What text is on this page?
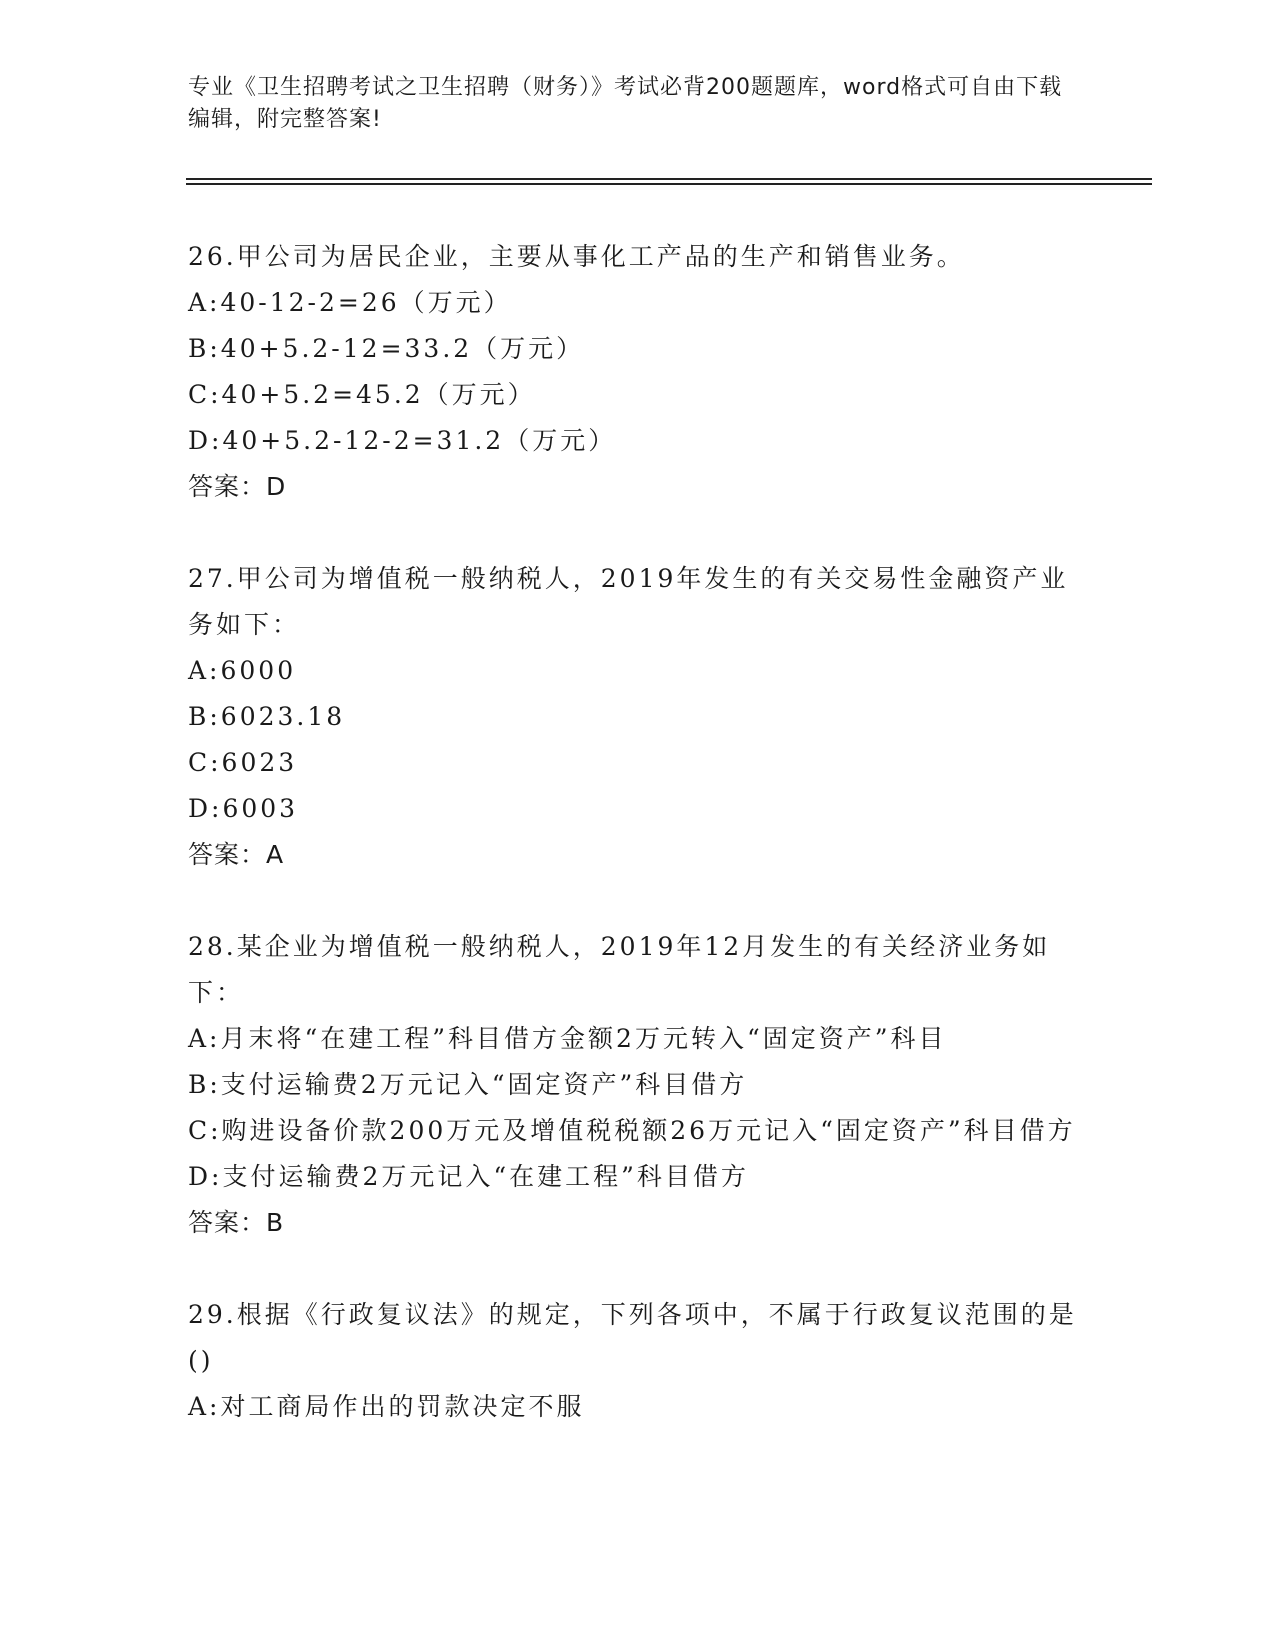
专业《卫生招聘考试之卫生招聘（财务）》考试必背200题题库，word格式可自由下载编辑，附完整答案!
26.甲公司为居民企业，主要从事化工产品的生产和销售业务。
A:40-12-2=26（万元）
B:40+5.2-12=33.2（万元）
C:40+5.2=45.2（万元）
D:40+5.2-12-2=31.2（万元）
答案：D
27.甲公司为增值税一般纳税人，2019年发生的有关交易性金融资产业务如下：
A:6000
B:6023.18
C:6023
D:6003
答案：A
28.某企业为增值税一般纳税人，2019年12月发生的有关经济业务如下：
A:月末将“在建工程”科目借方金额2万元转入“固定资产”科目
B:支付运输费2万元记入“固定资产”科目借方
C:购进设备价款200万元及增值税税额26万元记入“固定资产”科目借方
D:支付运输费2万元记入“在建工程”科目借方
答案：B
29.根据《行政复议法》的规定，下列各项中，不属于行政复议范围的是()
A:对工商局作出的罚款决定不服
